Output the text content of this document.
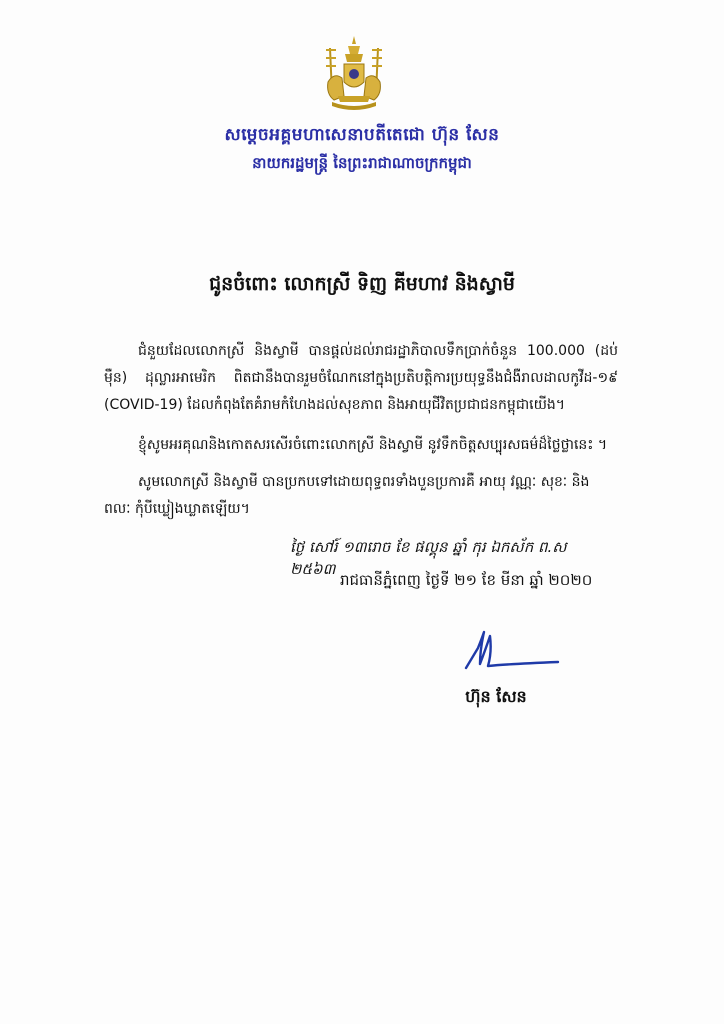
សម្តេចអគ្គមហាសេនាបតីតេជោ ហ៊ុន សែន
នាយករដ្ឋមន្ត្រី នៃព្រះរាជាណាចក្រកម្ពុជា
ជូនចំពោះ លោកស្រី ទិញ គីមហាវ និងស្វាមី
ជំនួយដែលលោកស្រី និងស្វាមី បានផ្តល់ដល់រាជរដ្ឋាភិបាលទឹកប្រាក់ចំនួន 100.000 (ដប់ម៉ឺន) ដុល្លារអាមេរិក ពិតជានឹងបានរួមចំណែកនៅក្នុងប្រតិបត្តិការប្រយុទ្ធនឹងជំងឺរាលដាលកូវីដ-១៩ (COVID-19) ដែលកំពុងតែគំរាមកំហែងដល់សុខភាព និងអាយុជីវិតប្រជាជនកម្ពុជាយើង។
ខ្ញុំសូមអរគុណនិងកោតសរសើរចំពោះលោកស្រី និងស្វាមី នូវទឹកចិត្តសប្បុរសធម៌ដ៏ថ្លៃថ្លានេះ ។
សូមលោកស្រី និងស្វាមី បានប្រកបទៅដោយពុទ្ធពរទាំងបួនប្រការគឺ អាយុ វណ្ណៈ សុខៈ និង
ពលៈ កុំបីឃ្លៀងឃ្លាតឡើយ។
ថ្ងៃ សៅរ៍ ១៣រោច ខែ ផល្គុន ឆ្នាំ កុរ ឯកស័ក ព.ស ២៥៦៣
រាជធានីភ្នំពេញ ថ្ងៃទី ២១ ខែ មីនា ឆ្នាំ ២០២០
ហ៊ុន សែន
